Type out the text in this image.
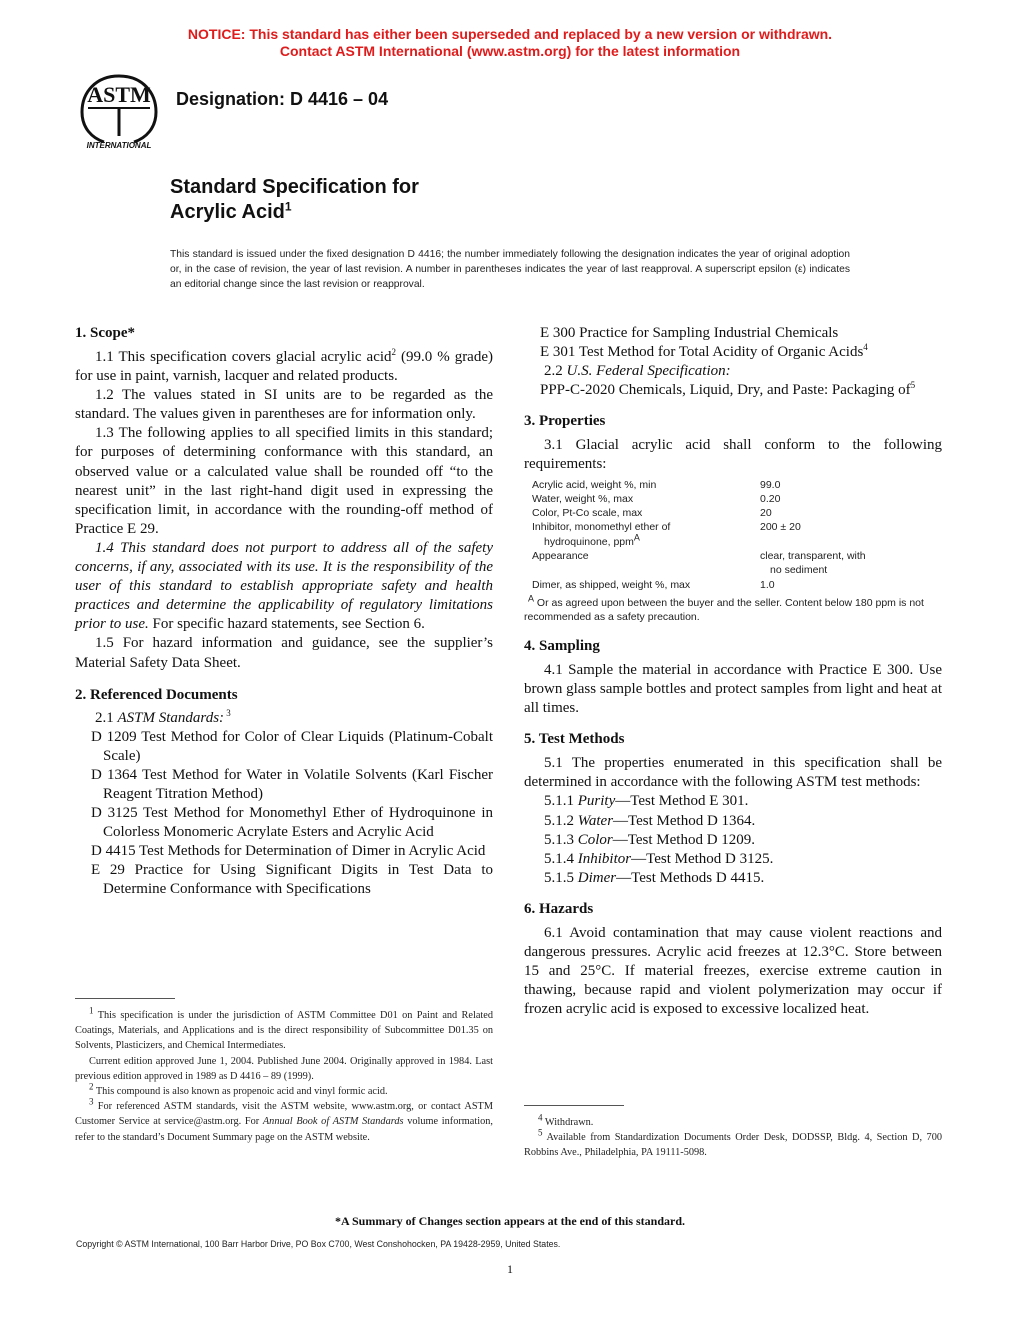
NOTICE: This standard has either been superseded and replaced by a new version or withdrawn.
Contact ASTM International (www.astm.org) for the latest information
ASTM
INTERNATIONAL
Designation: D 4416 – 04
Standard Specification for
Acrylic Acid$^1$
This standard is issued under the fixed designation D 4416; the number immediately following the designation indicates the year of original adoption or, in the case of revision, the year of last revision. A number in parentheses indicates the year of last reapproval. A superscript epsilon (ε) indicates an editorial change since the last revision or reapproval.
1. Scope*

1.1 This specification covers glacial acrylic acid$^2$ (99.0 % grade) for use in paint, varnish, lacquer and related products.

1.2 The values stated in SI units are to be regarded as the standard. The values given in parentheses are for information only.

1.3 The following applies to all specified limits in this standard; for purposes of determining conformance with this standard, an observed value or a calculated value shall be rounded off “to the nearest unit” in the last right-hand digit used in expressing the specification limit, in accordance with the rounding-off method of Practice E 29.

1.4 This standard does not purport to address all of the safety concerns, if any, associated with its use. It is the responsibility of the user of this standard to establish appropriate safety and health practices and determine the applicability of regulatory limitations prior to use. For specific hazard statements, see Section 6.

1.5 For hazard information and guidance, see the supplier’s Material Safety Data Sheet.

2. Referenced Documents

2.1 ASTM Standards: $^3$

D 1209 Test Method for Color of Clear Liquids (Platinum-Cobalt Scale)

D 1364 Test Method for Water in Volatile Solvents (Karl Fischer Reagent Titration Method)

D 3125 Test Method for Monomethyl Ether of Hydroquinone in Colorless Monomeric Acrylate Esters and Acrylic Acid

D 4415 Test Methods for Determination of Dimer in Acrylic Acid

E 29 Practice for Using Significant Digits in Test Data to Determine Conformance with Specifications

$^1$ This specification is under the jurisdiction of ASTM Committee D01 on Paint and Related Coatings, Materials, and Applications and is the direct responsibility of Subcommittee D01.35 on Solvents, Plasticizers, and Chemical Intermediates.
Current edition approved June 1, 2004. Published June 2004. Originally approved in 1984. Last previous edition approved in 1989 as D 4416 – 89 (1999).
$^2$ This compound is also known as propenoic acid and vinyl formic acid.
$^3$ For referenced ASTM standards, visit the ASTM website, www.astm.org, or contact ASTM Customer Service at service@astm.org. For Annual Book of ASTM Standards volume information, refer to the standard’s Document Summary page on the ASTM website.

E 300 Practice for Sampling Industrial Chemicals

E 301 Test Method for Total Acidity of Organic Acids$^4$

2.2 U.S. Federal Specification:

PPP-C-2020 Chemicals, Liquid, Dry, and Paste: Packaging $of^5$

3. Properties

3.1 Glacial acrylic acid shall conform to the following requirements:

Acrylic acid, weight %, min	99.0
Water, weight %, max	0.20
Color, Pt-Co scale, max	20
Inhibitor, monomethyl ether of	200 ± 20
hydroquinone, ppm$^A$
Appearance	clear, transparent, with
no sediment
Dimer, as shipped, weight %, max	1.0
$^A$ Or as agreed upon between the buyer and the seller. Content below 180 ppm is not recommended as a safety precaution.
4. Sampling

4.1 Sample the material in accordance with Practice E 300. Use brown glass sample bottles and protect samples from light and heat at all times.

5. Test Methods

5.1 The properties enumerated in this specification shall be determined in accordance with the following ASTM test methods:

5.1.1 Purity—Test Method E 301.

5.1.2 Water—Test Method D 1364.

5.1.3 Color—Test Method D 1209.

5.1.4 Inhibitor—Test Method D 3125.

5.1.5 Dimer—Test Methods D 4415.

6. Hazards

6.1 Avoid contamination that may cause violent reactions and dangerous pressures. Acrylic acid freezes at 12.3°C. Store between 15 and 25°C. If material freezes, exercise extreme caution in thawing, because rapid and violent polymerization may occur if frozen acrylic acid is exposed to excessive localized heat.

$^4$ Withdrawn.
$^5$ Available from Standardization Documents Order Desk, DODSSP, Bldg. 4, Section D, 700 Robbins Ave., Philadelphia, PA 19111-5098.
*A Summary of Changes section appears at the end of this standard.
Copyright © ASTM International, 100 Barr Harbor Drive, PO Box C700, West Conshohocken, PA 19428-2959, United States.
1
